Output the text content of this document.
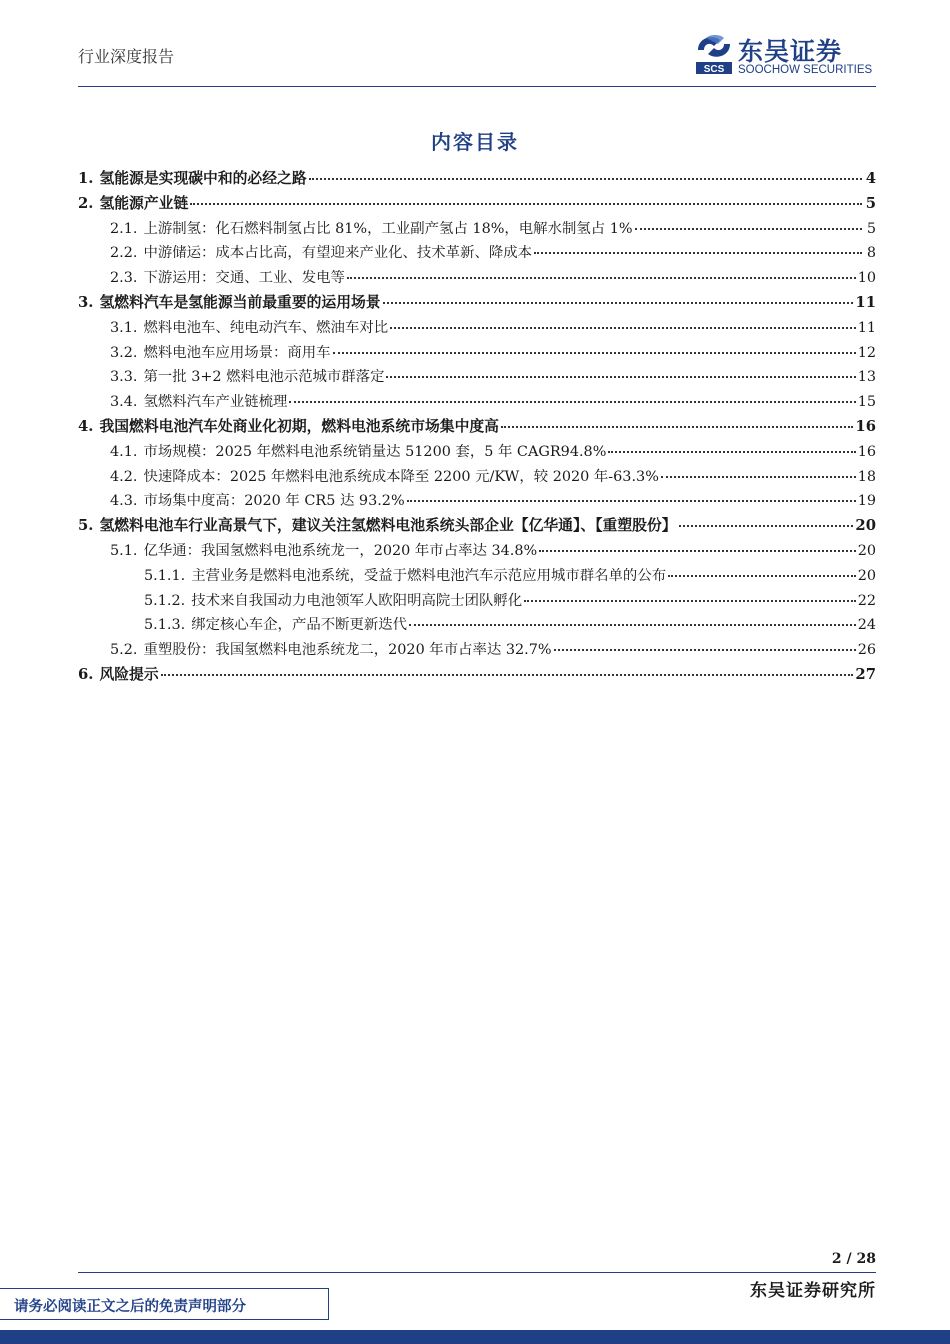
行业深度报告
SCS
东吴证券
SOOCHOW SECURITIES
内容目录
1. 氢能源是实现碳中和的必经之路	4
2. 氢能源产业链	5
2.1. 上游制氢：化石燃料制氢占比 81%，工业副产氢占 18%，电解水制氢占 1%	5
2.2. 中游储运：成本占比高，有望迎来产业化、技术革新、降成本	8
2.3. 下游运用：交通、工业、发电等	10
3. 氢燃料汽车是氢能源当前最重要的运用场景	11
3.1. 燃料电池车、纯电动汽车、燃油车对比	11
3.2. 燃料电池车应用场景：商用车	12
3.3. 第一批 3+2 燃料电池示范城市群落定	13
3.4. 氢燃料汽车产业链梳理	15
4. 我国燃料电池汽车处商业化初期，燃料电池系统市场集中度高	16
4.1. 市场规模：2025 年燃料电池系统销量达 51200 套，5 年 CAGR94.8%	16
4.2. 快速降成本：2025 年燃料电池系统成本降至 2200 元/KW，较 2020 年-63.3%	18
4.3. 市场集中度高：2020 年 CR5 达 93.2%	19
5. 氢燃料电池车行业高景气下，建议关注氢燃料电池系统头部企业【亿华通】、【重塑股份】	20
5.1. 亿华通：我国氢燃料电池系统龙一，2020 年市占率达 34.8%	20
5.1.1. 主营业务是燃料电池系统，受益于燃料电池汽车示范应用城市群名单的公布	20
5.1.2. 技术来自我国动力电池领军人欧阳明高院士团队孵化	22
5.1.3. 绑定核心车企，产品不断更新迭代	24
5.2. 重塑股份：我国氢燃料电池系统龙二，2020 年市占率达 32.7%	26
6. 风险提示	27
2 / 28
请务必阅读正文之后的免责声明部分
东吴证券研究所
